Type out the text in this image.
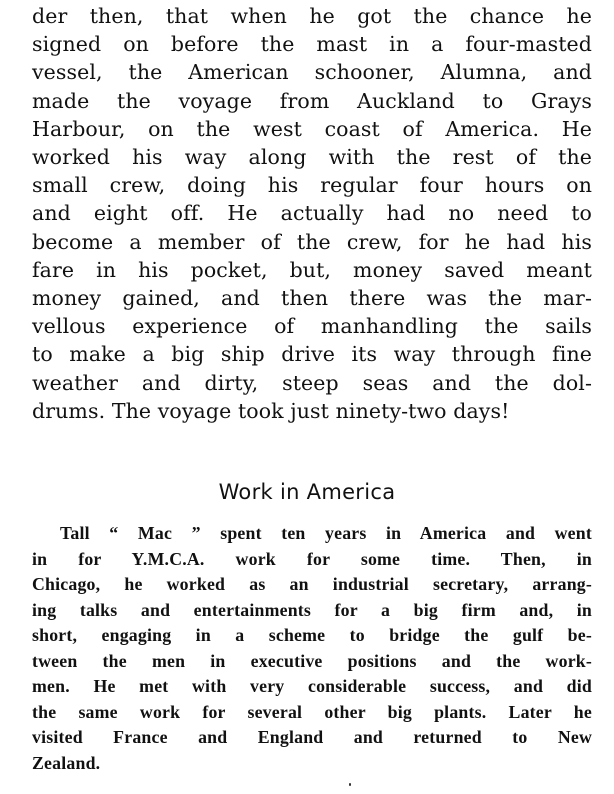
der then, that when he got the chance he
signed on before the mast in a four-masted
vessel, the American schooner, Alumna, and
made the voyage from Auckland to Grays
Harbour, on the west coast of America. He
worked his way along with the rest of the
small crew, doing his regular four hours on
and eight off. He actually had no need to
become a member of the crew, for he had his
fare in his pocket, but, money saved meant
money gained, and then there was the mar-
vellous experience of manhandling the sails
to make a big ship drive its way through fine
weather and dirty, steep seas and the dol-
drums. The voyage took just ninety-two days!
Work in America
Tall “ Mac ” spent ten years in America and went
in for Y.M.C.A. work for some time. Then, in
Chicago, he worked as an industrial secretary, arrang-
ing talks and entertainments for a big firm and, in
short, engaging in a scheme to bridge the gulf be-
tween the men in executive positions and the work-
men. He met with very considerable success, and did
the same work for several other big plants. Later he
visited France and England and returned to New
Zealand.
